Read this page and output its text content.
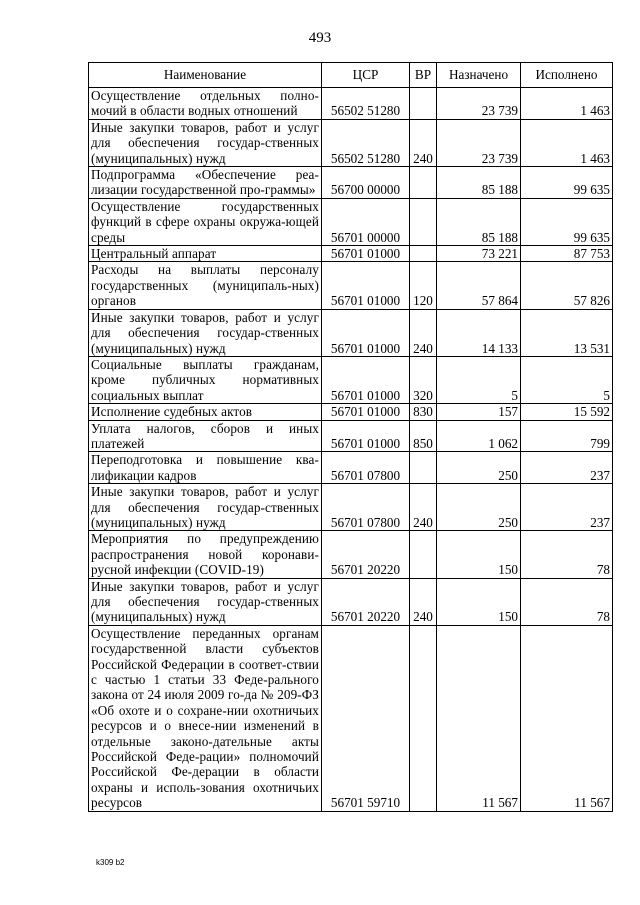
493
Наименование	ЦСР	ВР	Назначено	Исполнено
Осуществление отдельных полно-мочий в области водных отношений	56502 51280		23 739	1 463
Иные закупки товаров, работ и услуг для обеспечения государ-ственных (муниципальных) нужд	56502 51280	240	23 739	1 463
Подпрограмма «Обеспечение реа-лизации государственной про-граммы»	56700 00000		85 188	99 635
Осуществление государственных функций в сфере охраны окружа-ющей среды	56701 00000		85 188	99 635
Центральный аппарат	56701 01000		73 221	87 753
Расходы на выплаты персоналу государственных (муниципаль-ных) органов	56701 01000	120	57 864	57 826
Иные закупки товаров, работ и услуг для обеспечения государ-ственных (муниципальных) нужд	56701 01000	240	14 133	13 531
Социальные выплаты гражданам, кроме публичных нормативных социальных выплат	56701 01000	320	5	5
Исполнение судебных актов	56701 01000	830	157	15 592
Уплата налогов, сборов и иных платежей	56701 01000	850	1 062	799
Переподготовка и повышение ква-лификации кадров	56701 07800		250	237
Иные закупки товаров, работ и услуг для обеспечения государ-ственных (муниципальных) нужд	56701 07800	240	250	237
Мероприятия по предупреждению распространения новой коронави-русной инфекции (COVID-19)	56701 20220		150	78
Иные закупки товаров, работ и услуг для обеспечения государ-ственных (муниципальных) нужд	56701 20220	240	150	78
Осуществление переданных органам государственной власти субъектов Российской Федерации в соответ-ствии с частью 1 статьи 33 Феде-рального закона от 24 июля 2009 го-да № 209-ФЗ «Об охоте и о сохране-нии охотничьих ресурсов и о внесе-нии изменений в отдельные законо-дательные акты Российской Феде-рации» полномочий Российской Фе-дерации в области охраны и исполь-зования охотничьих ресурсов	56701 59710		11 567	11 567
k309 b2
